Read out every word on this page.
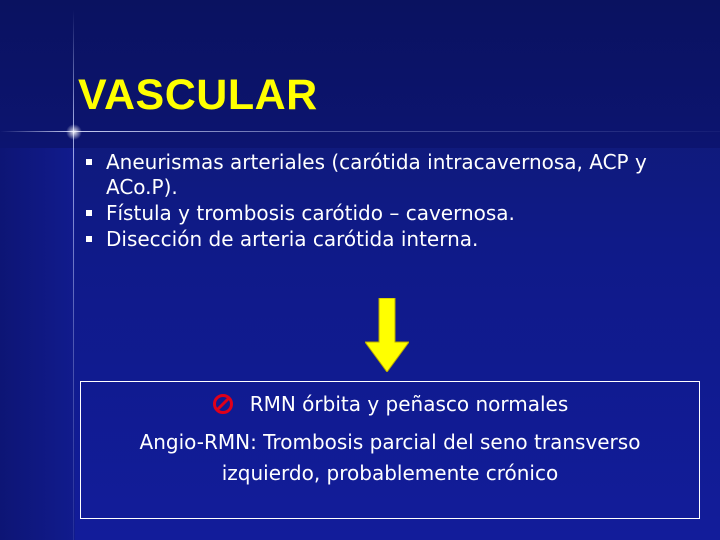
VASCULAR
Aneurismas arteriales (carótida intracavernosa, ACP y ACo.P).
Fístula y trombosis carótido – cavernosa.
Disección de arteria carótida interna.
RMN órbita y peñasco normales
Angio-RMN: Trombosis parcial del seno transverso
izquierdo, probablemente crónico
